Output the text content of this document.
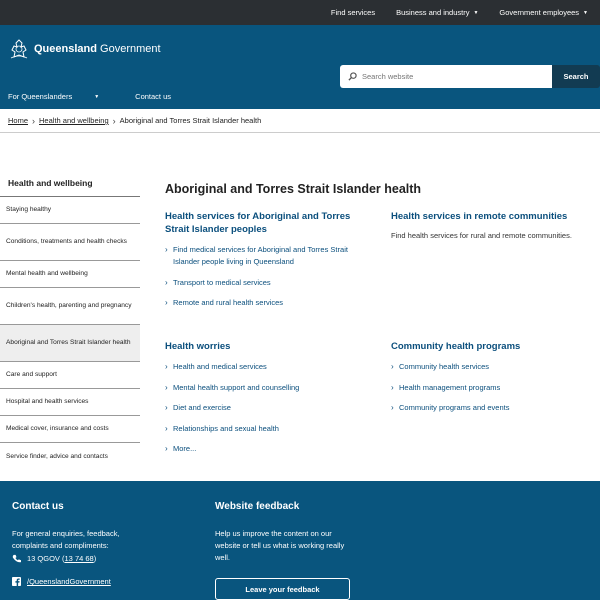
Find services	Business and industry ▼	Government employees ▼
Queensland Government
Search website
Search
For Queenslanders	▼	Contact us
Home › Health and wellbeing › Aboriginal and Torres Strait Islander health
Health and wellbeing
Staying healthy
Conditions, treatments and health checks
Mental health and wellbeing
Children's health, parenting and pregnancy
Aboriginal and Torres Strait Islander health
Care and support
Hospital and health services
Medical cover, insurance and costs
Service finder, advice and contacts
Aboriginal and Torres Strait Islander health
Health services for Aboriginal and Torres Strait Islander peoples
› Find medical services for Aboriginal and Torres Strait Islander people living in Queensland
› Transport to medical services
› Remote and rural health services
Health services in remote communities
Find health services for rural and remote communities.
Health worries
› Health and medical services
› Mental health support and counselling
› Diet and exercise
› Relationships and sexual health
› More...
Community health programs
› Community health services
› Health management programs
› Community programs and events
Contact us
For general enquiries, feedback, complaints and compliments:
13 QGOV ( 13 74 68 )
/QueenslandGovernment
Website feedback
Help us improve the content on our website or tell us what is working really well.
Leave your feedback
